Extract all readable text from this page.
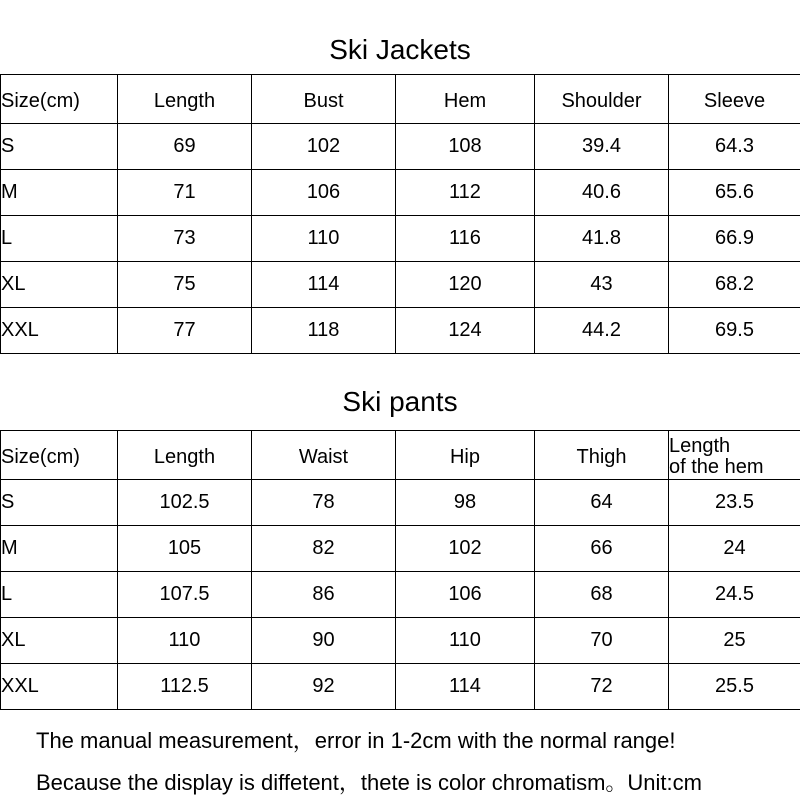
Ski Jackets
Size(cm)	Length	Bust	Hem	Shoulder	Sleeve
S	69	102	108	39.4	64.3
M	71	106	112	40.6	65.6
L	73	110	116	41.8	66.9
XL	75	114	120	43	68.2
XXL	77	118	124	44.2	69.5
Ski pants
Size(cm)	Length	Waist	Hip	Thigh	Length
of the hem
S	102.5	78	98	64	23.5
M	105	82	102	66	24
L	107.5	86	106	68	24.5
XL	110	90	110	70	25
XXL	112.5	92	114	72	25.5
The manual measurement，error in 1-2cm with the normal range!
Because the display is diffetent，thete is color chromatism。Unit:cm
